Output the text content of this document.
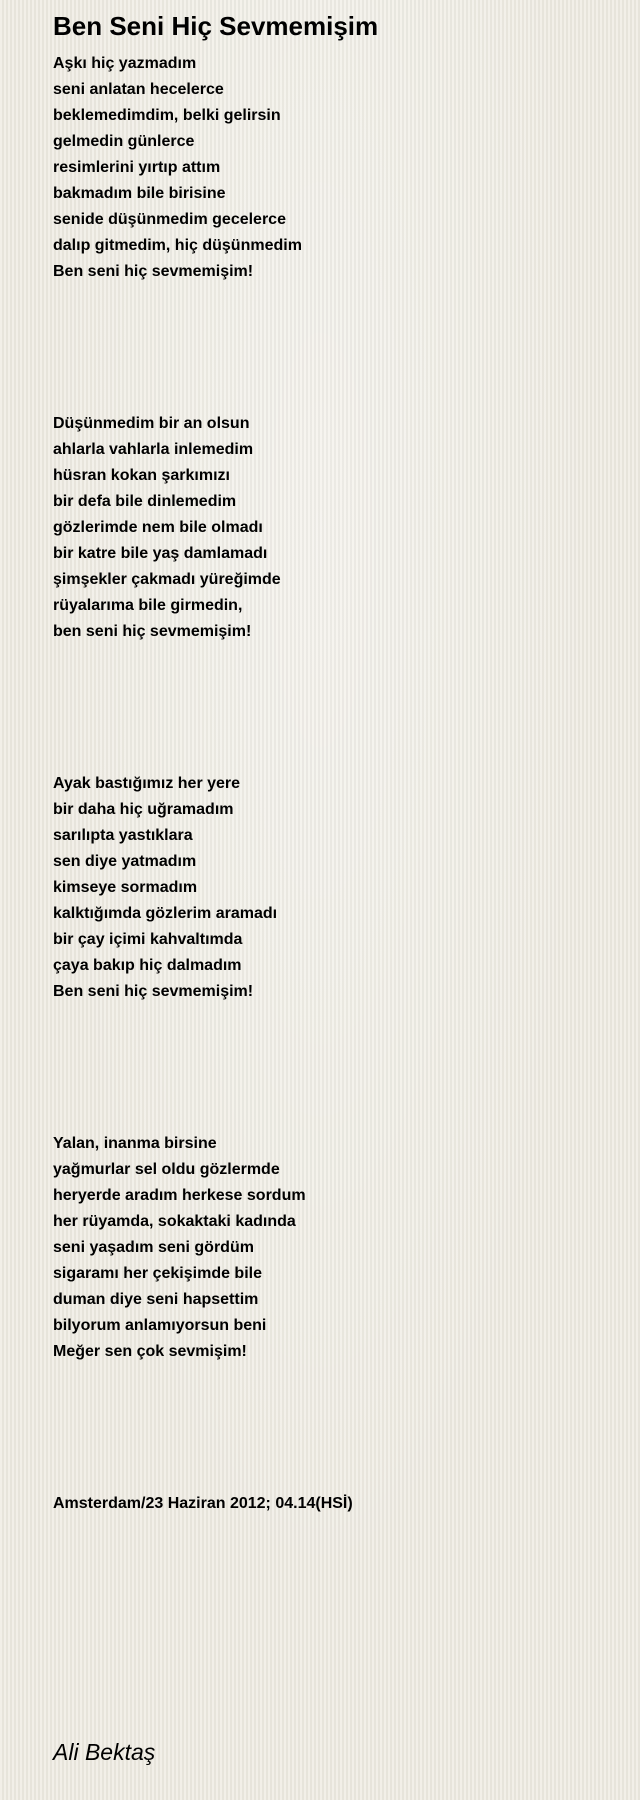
Ben Seni Hiç Sevmemişim
Aşkı hiç yazmadım
seni anlatan hecelerce
beklemedimdim, belki gelirsin
gelmedin günlerce
resimlerini yırtıp attım
bakmadım bile birisine
senide düşünmedim gecelerce
dalıp gitmedim, hiç düşünmedim
Ben seni hiç sevmemişim!
Düşünmedim bir an olsun
ahlarla vahlarla inlemedim
hüsran kokan şarkımızı
bir defa bile dinlemedim
gözlerimde nem bile olmadı
bir katre bile yaş damlamadı
şimşekler çakmadı yüreğimde
rüyalarıma bile girmedin,
ben seni hiç sevmemişim!
Ayak bastığımız her yere
bir daha hiç uğramadım
sarılıpta yastıklara
sen diye yatmadım
kimseye sormadım
kalktığımda gözlerim aramadı
bir çay içimi kahvaltımda
çaya bakıp hiç dalmadım
Ben seni hiç sevmemişim!
Yalan, inanma birsine
yağmurlar sel oldu gözlermde
heryerde aradım herkese sordum
her rüyamda, sokaktaki kadında
seni yaşadım seni gördüm
sigaramı her çekişimde bile
duman diye seni hapsettim
bilyorum anlamıyorsun beni
Meğer sen çok sevmişim!

Amsterdam/23 Haziran 2012; 04.14(HSİ)

Ali Bektaş
